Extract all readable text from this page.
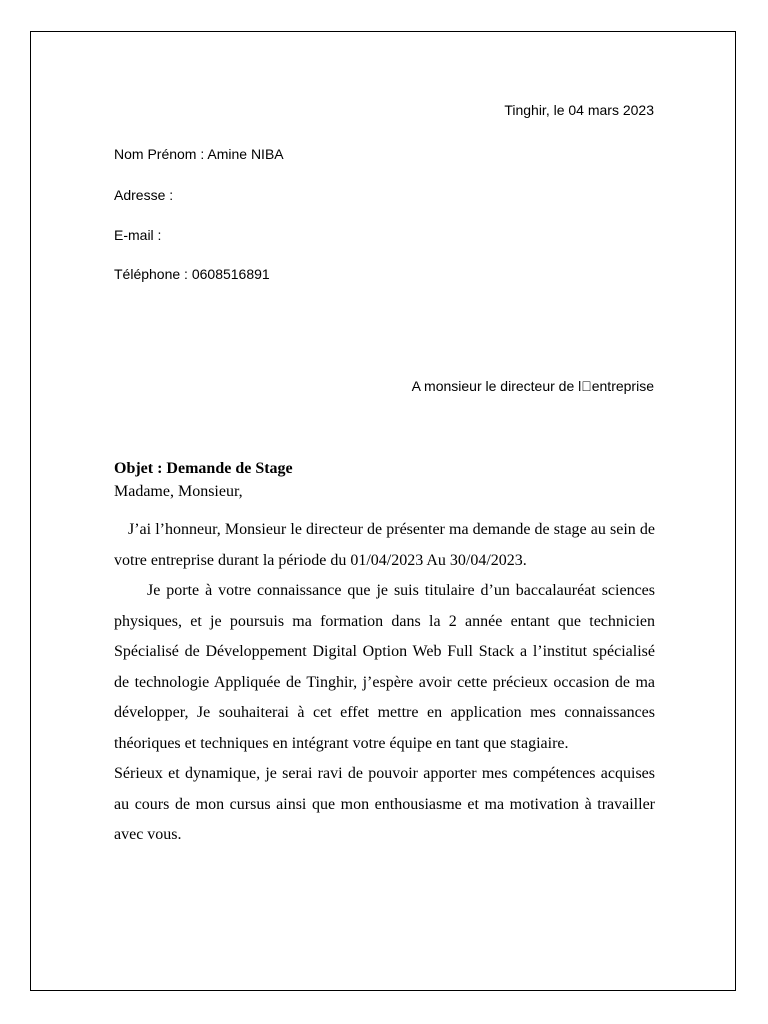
Tinghir, le 04 mars 2023
Nom Prénom : Amine NIBA
Adresse :
E-mail :
Téléphone : 0608516891
A monsieur le directeur de l entreprise
Objet : Demande de Stage
Madame, Monsieur,

J’ai l’honneur, Monsieur le directeur de présenter ma demande de stage au sein de votre entreprise durant la période du 01/04/2023 Au 30/04/2023.

Je porte à votre connaissance que je suis titulaire d’un baccalauréat sciences physiques, et je poursuis ma formation dans la 2 année entant que technicien Spécialisé de Développement Digital Option Web Full Stack a l’institut spécialisé de technologie Appliquée de Tinghir, j’espère avoir cette précieux occasion de ma développer, Je souhaiterai à cet effet mettre en application mes connaissances théoriques et techniques en intégrant votre équipe en tant que stagiaire.

Sérieux et dynamique, je serai ravi de pouvoir apporter mes compétences acquises au cours de mon cursus ainsi que mon enthousiasme et ma motivation à travailler avec vous.
